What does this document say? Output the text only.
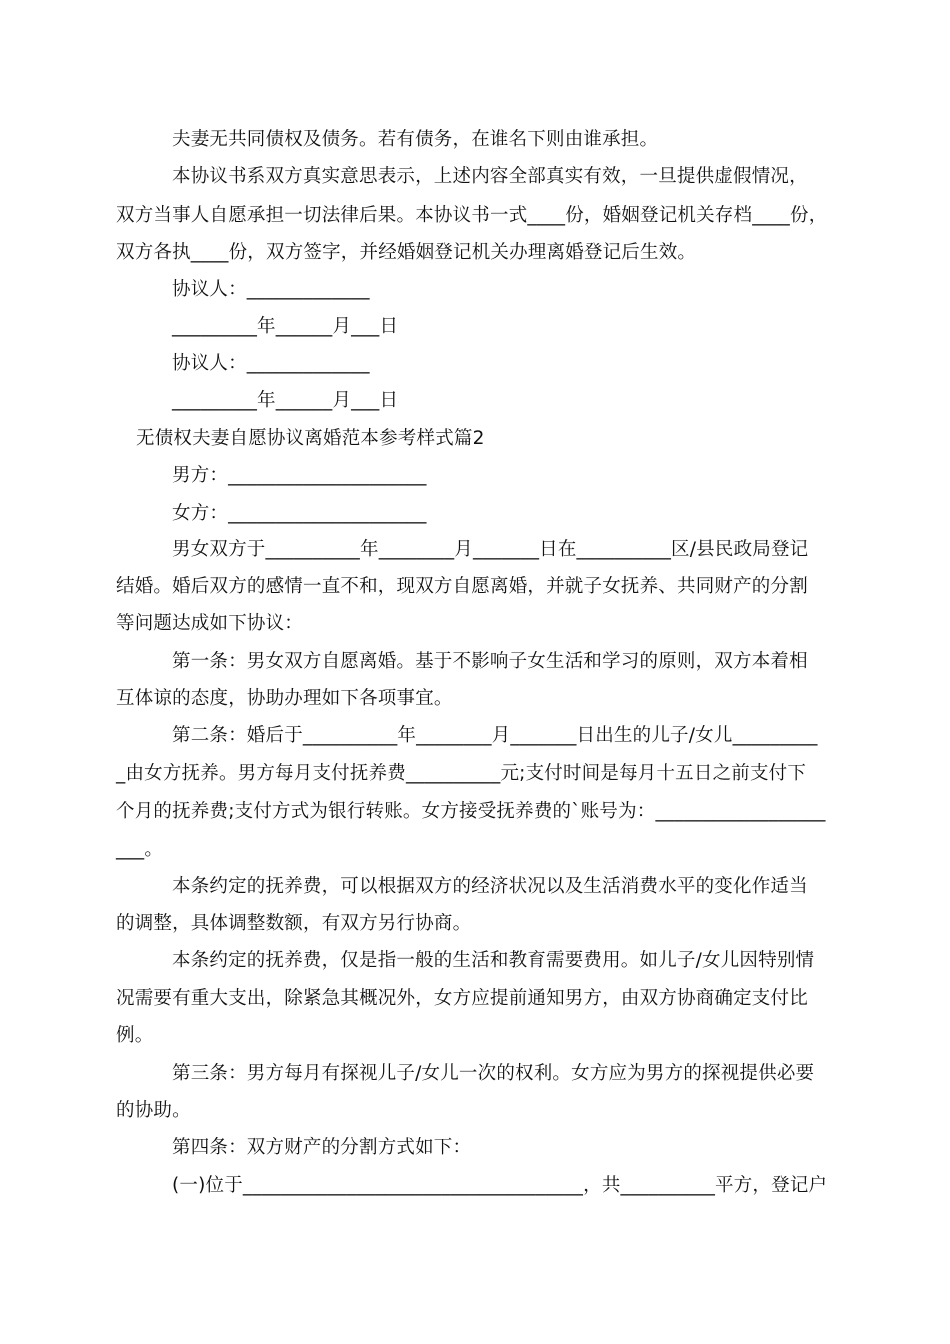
夫妻无共同债权及债务。若有债务，在谁名下则由谁承担。
本协议书系双方真实意思表示，上述内容全部真实有效，一旦提供虚假情况，
双方当事人自愿承担一切法律后果。本协议书一式____份，婚姻登记机关存档____份，
双方各执____份，双方签字，并经婚姻登记机关办理离婚登记后生效。
协议人：_____________
_________年______月___日
协议人：_____________
_________年______月___日
无债权夫妻自愿协议离婚范本参考样式篇2
男方：_____________________
女方：_____________________
男女双方于__________年________月_______日在__________区/县民政局登记
结婚。婚后双方的感情一直不和，现双方自愿离婚，并就子女抚养、共同财产的分割
等问题达成如下协议：
第一条：男女双方自愿离婚。基于不影响子女生活和学习的原则，双方本着相
互体谅的态度，协助办理如下各项事宜。
第二条：婚后于__________年________月_______日出生的儿子/女儿_________
_由女方抚养。男方每月支付抚养费__________元;支付时间是每月十五日之前支付下
个月的抚养费;支付方式为银行转账。女方接受抚养费的`账号为：__________________
___。
本条约定的抚养费，可以根据双方的经济状况以及生活消费水平的变化作适当
的调整，具体调整数额，有双方另行协商。
本条约定的抚养费，仅是指一般的生活和教育需要费用。如儿子/女儿因特别情
况需要有重大支出，除紧急其概况外，女方应提前通知男方，由双方协商确定支付比
例。
第三条：男方每月有探视儿子/女儿一次的权利。女方应为男方的探视提供必要
的协助。
第四条：双方财产的分割方式如下：
(一)位于____________________________________，共__________平方，登记户
